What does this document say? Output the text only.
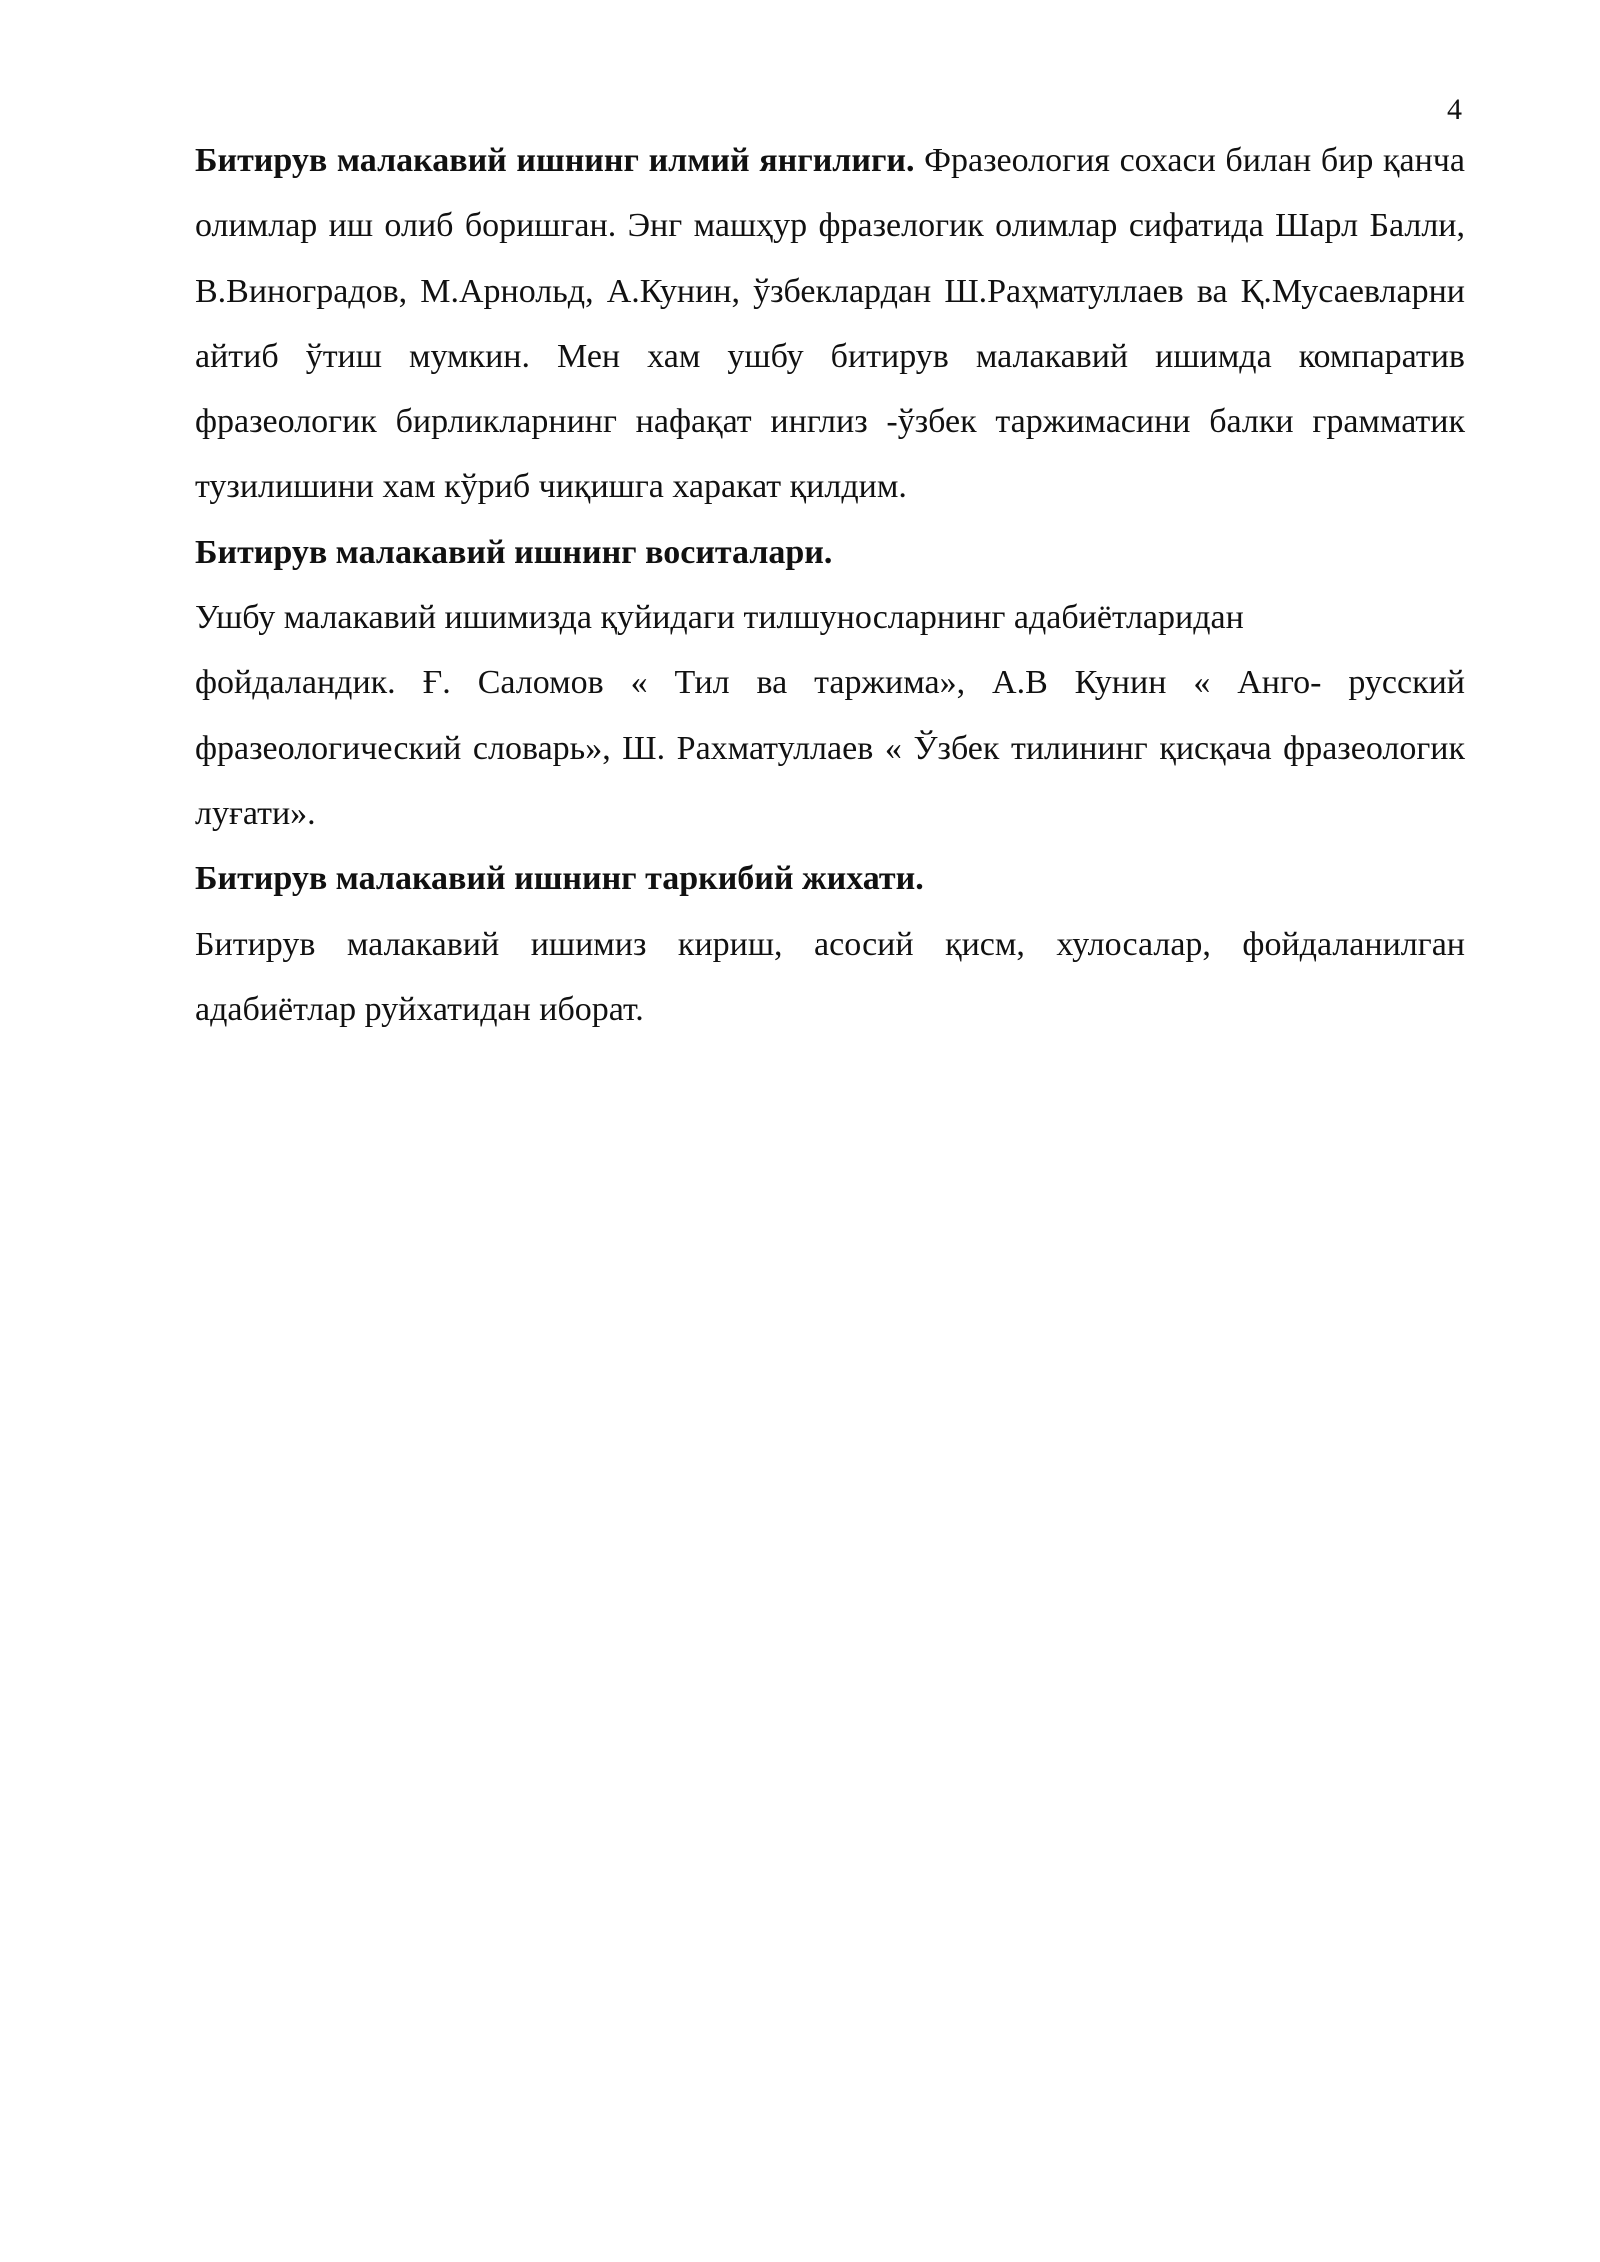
4

Битирув малакавий ишнинг илмий янгилиги. Фразеология сохаси билан бир қанча олимлар иш олиб боришган. Энг машҳур фразелогик олимлар сифатида Шарл Балли, В.Виноградов, М.Арнольд, А.Кунин, ўзбеклардан Ш.Раҳматуллаев ва Қ.Мусаевларни айтиб ўтиш мумкин. Мен хам ушбу битирув малакавий ишимда компаратив фразеологик бирликларнинг нафақат инглиз -ўзбек таржимасини балки грамматик тузилишини хам кўриб чиқишга харакат қилдим.

Битирув малакавий ишнинг воситалари.

Ушбу малакавий ишимизда қуйидаги тилшуносларнинг адабиётларидан

фойдаландик. Ғ. Саломов « Тил ва таржима», А.В Кунин « Анго- русский фразеологический словарь», Ш. Рахматуллаев « Ўзбек тилининг қисқача фразеологик луғати».

Битирув малакавий ишнинг таркибий жихати.

Битирув малакавий ишимиз кириш, асосий қисм, хулосалар, фойдаланилган адабиётлар руйхатидан иборат.
